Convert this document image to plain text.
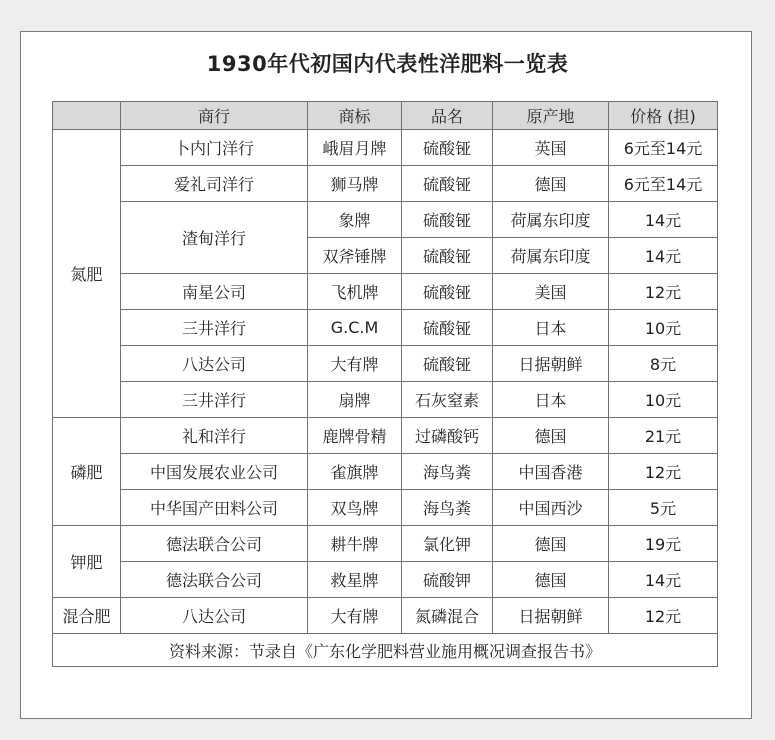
1930年代初国内代表性洋肥料一览表
	商行	商标	品名	原产地	价格 (担)
氮肥	卜内门洋行	峨眉月牌	硫酸铔	英国	6元至14元
	爱礼司洋行	狮马牌	硫酸铔	德国	6元至14元
	渣甸洋行	象牌	硫酸铔	荷属东印度	14元
		双斧锤牌	硫酸铔	荷属东印度	14元
	南星公司	飞机牌	硫酸铔	美国	12元
	三井洋行	G.C.M	硫酸铔	日本	10元
	八达公司	大有牌	硫酸铔	日据朝鲜	8元
	三井洋行	扇牌	石灰窒素	日本	10元
磷肥	礼和洋行	鹿牌骨精	过磷酸钙	德国	21元
	中国发展农业公司	雀旗牌	海鸟粪	中国香港	12元
	中华国产田料公司	双鸟牌	海鸟粪	中国西沙	5元
钾肥	德法联合公司	耕牛牌	氯化钾	德国	19元
	德法联合公司	救星牌	硫酸钾	德国	14元
混合肥	八达公司	大有牌	氮磷混合	日据朝鲜	12元
资料来源：节录自《广东化学肥料营业施用概况调查报告书》					
